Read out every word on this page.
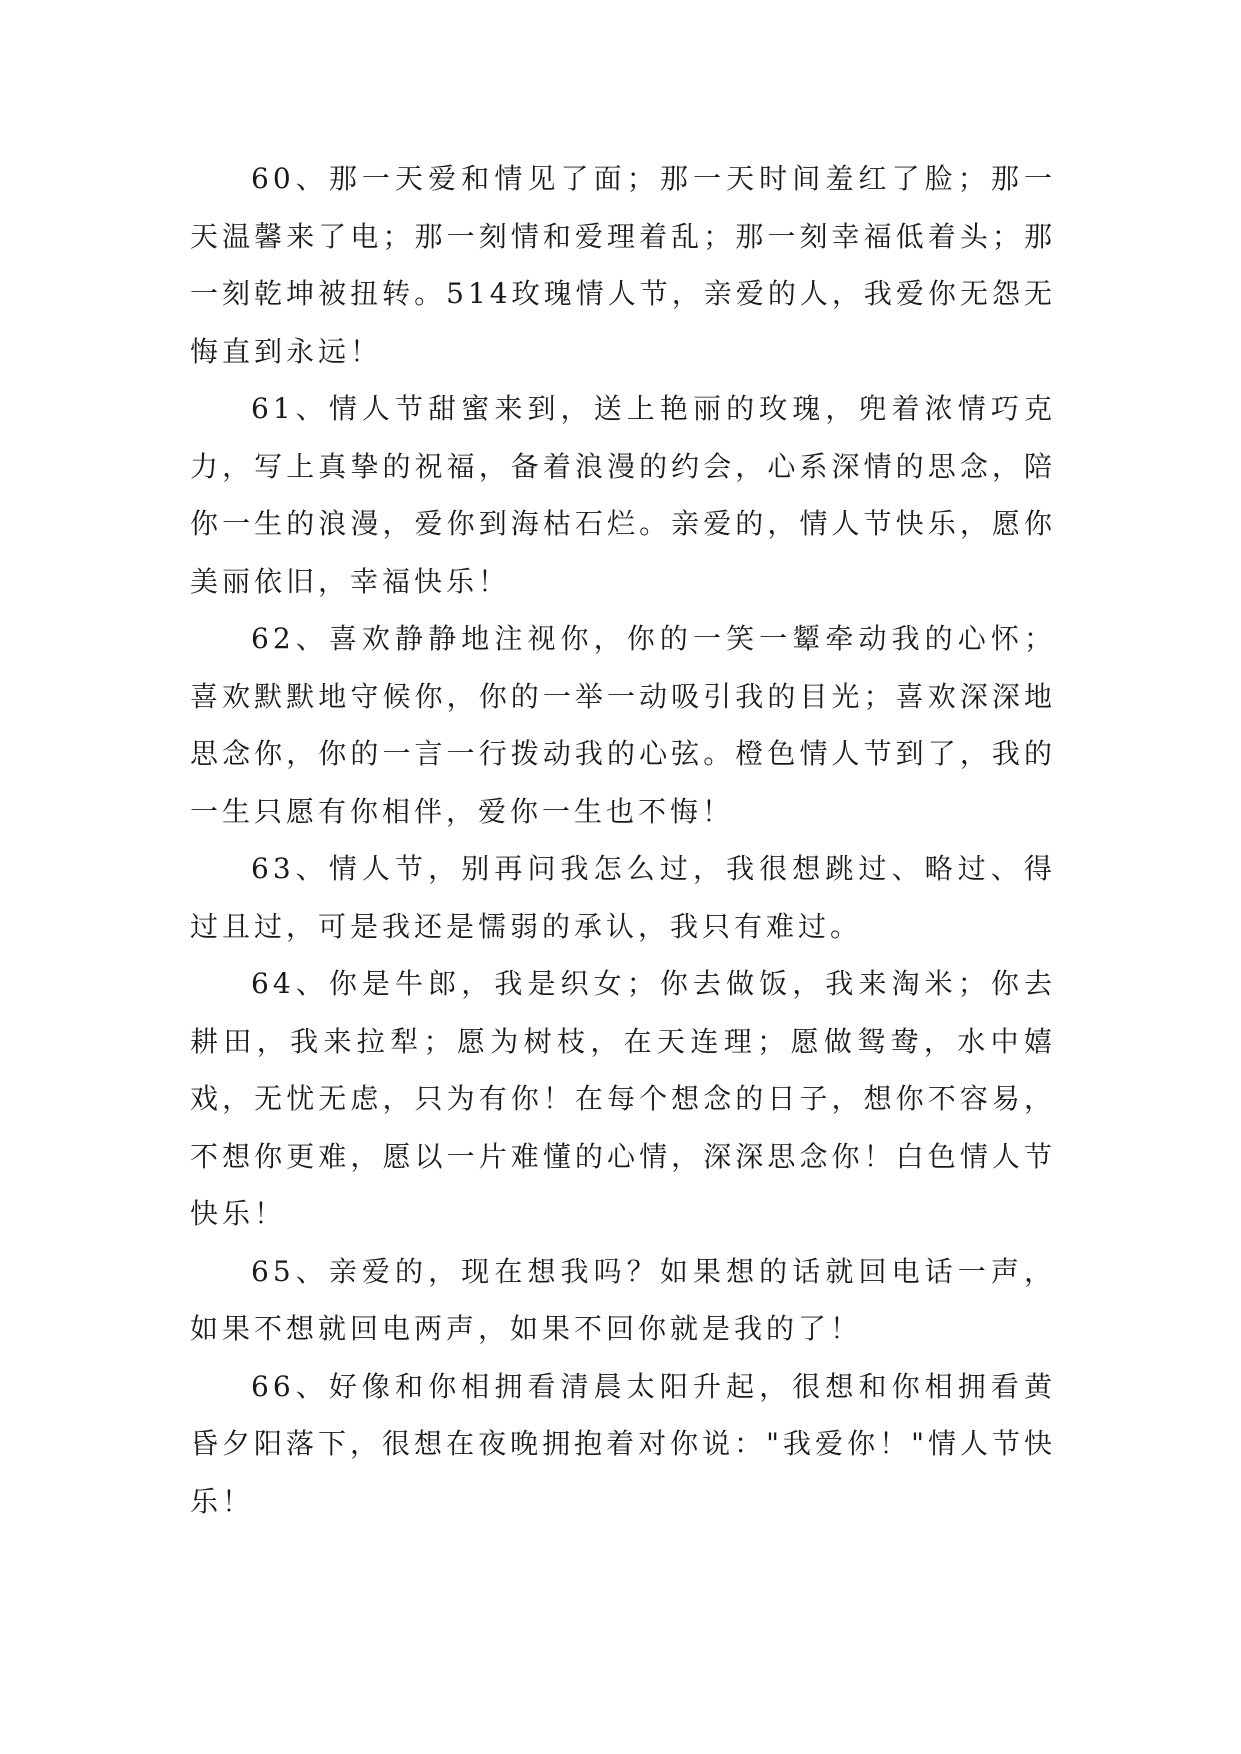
60、那一天爱和情见了面；那一天时间羞红了脸；那一天温馨来了电；那一刻情和爱理着乱；那一刻幸福低着头；那一刻乾坤被扭转。514玫瑰情人节，亲爱的人，我爱你无怨无悔直到永远！

61、情人节甜蜜来到，送上艳丽的玫瑰，兜着浓情巧克力，写上真挚的祝福，备着浪漫的约会，心系深情的思念，陪你一生的浪漫，爱你到海枯石烂。亲爱的，情人节快乐，愿你美丽依旧，幸福快乐！

62、喜欢静静地注视你，你的一笑一颦牵动我的心怀；喜欢默默地守候你，你的一举一动吸引我的目光；喜欢深深地思念你，你的一言一行拨动我的心弦。橙色情人节到了，我的一生只愿有你相伴，爱你一生也不悔！

63、情人节，别再问我怎么过，我很想跳过、略过、得过且过，可是我还是懦弱的承认，我只有难过。

64、你是牛郎，我是织女；你去做饭，我来淘米；你去耕田，我来拉犁；愿为树枝，在天连理；愿做鸳鸯，水中嬉戏，无忧无虑，只为有你！在每个想念的日子，想你不容易，不想你更难，愿以一片难懂的心情，深深思念你！白色情人节快乐！

65、亲爱的，现在想我吗？如果想的话就回电话一声，如果不想就回电两声，如果不回你就是我的了！

66、好像和你相拥看清晨太阳升起，很想和你相拥看黄昏夕阳落下，很想在夜晚拥抱着对你说："我爱你！"情人节快乐！
